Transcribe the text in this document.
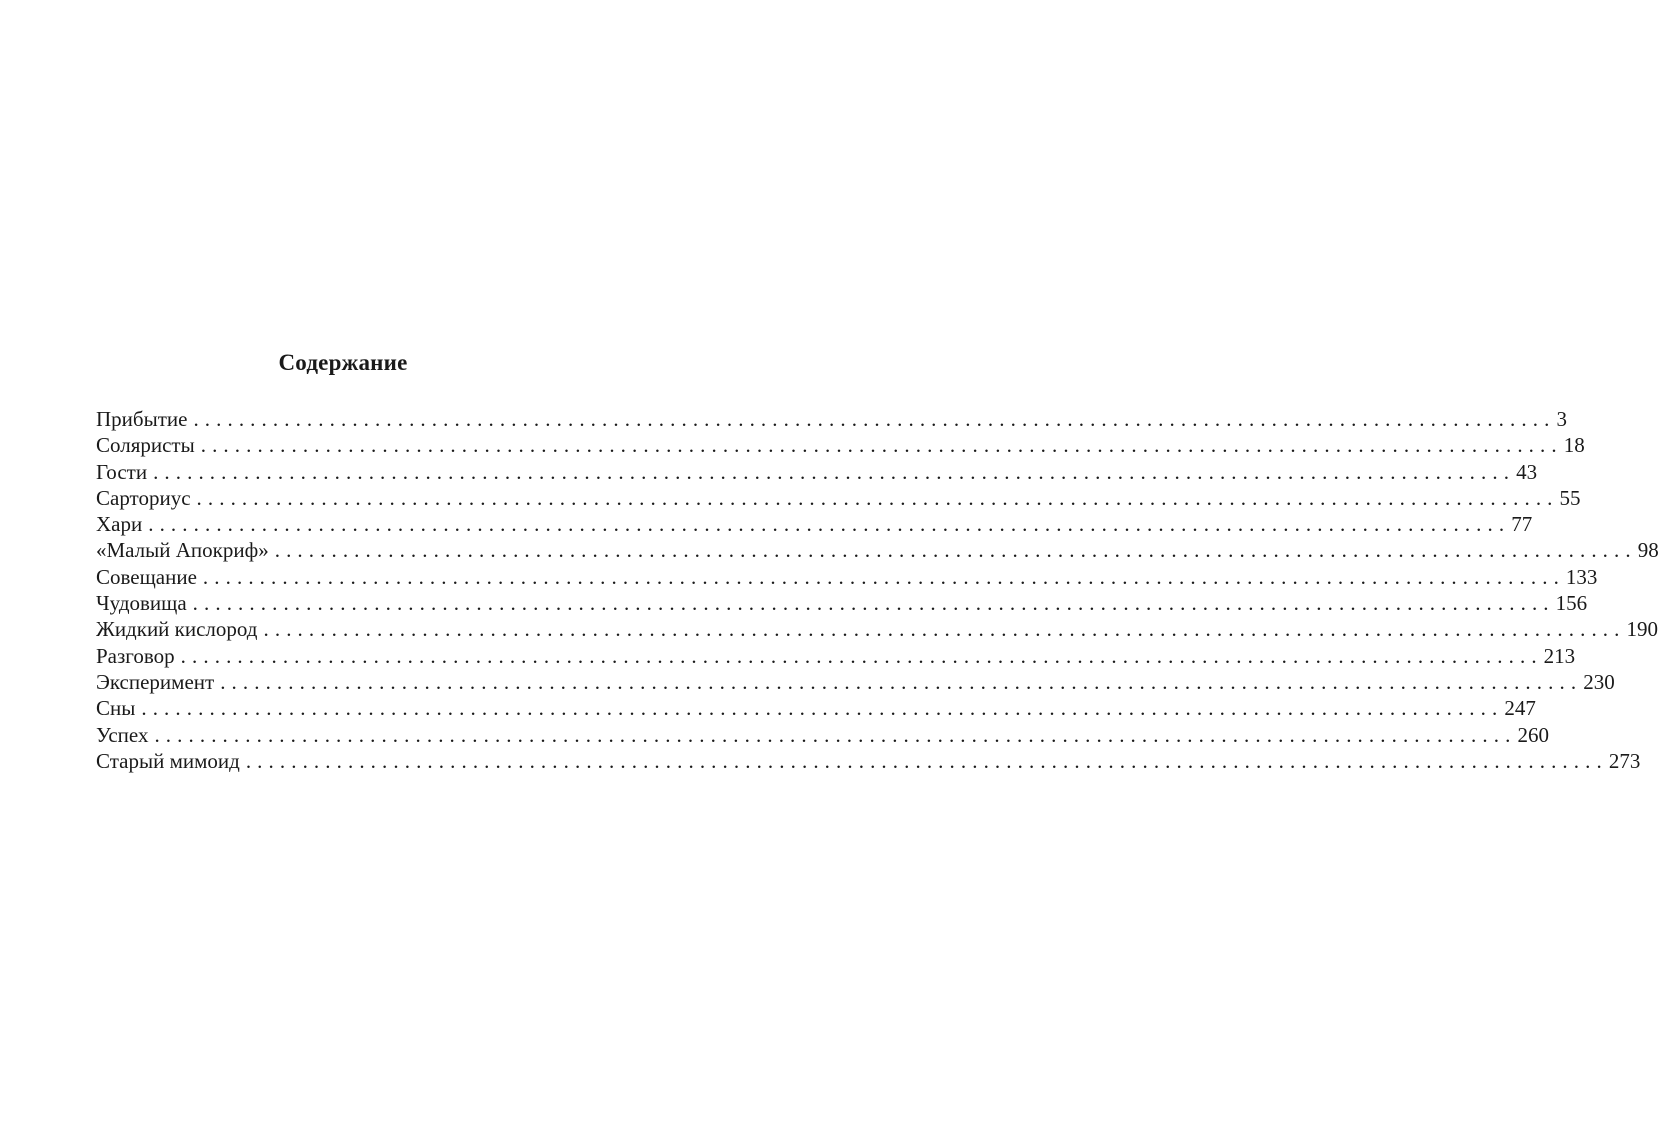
Содержание
Прибытие ........................................................................................................................ 3
Соляристы ........................................................................................................................ 18
Гости ........................................................................................................................ 43
Сарториус ........................................................................................................................ 55
Хари ........................................................................................................................ 77
«Малый Апокриф» ........................................................................................................................ 98
Совещание ........................................................................................................................ 133
Чудовища ........................................................................................................................ 156
Жидкий кислород ........................................................................................................................ 190
Разговор ........................................................................................................................ 213
Эксперимент ........................................................................................................................ 230
Сны ........................................................................................................................ 247
Успех ........................................................................................................................ 260
Старый мимоид ........................................................................................................................ 273
